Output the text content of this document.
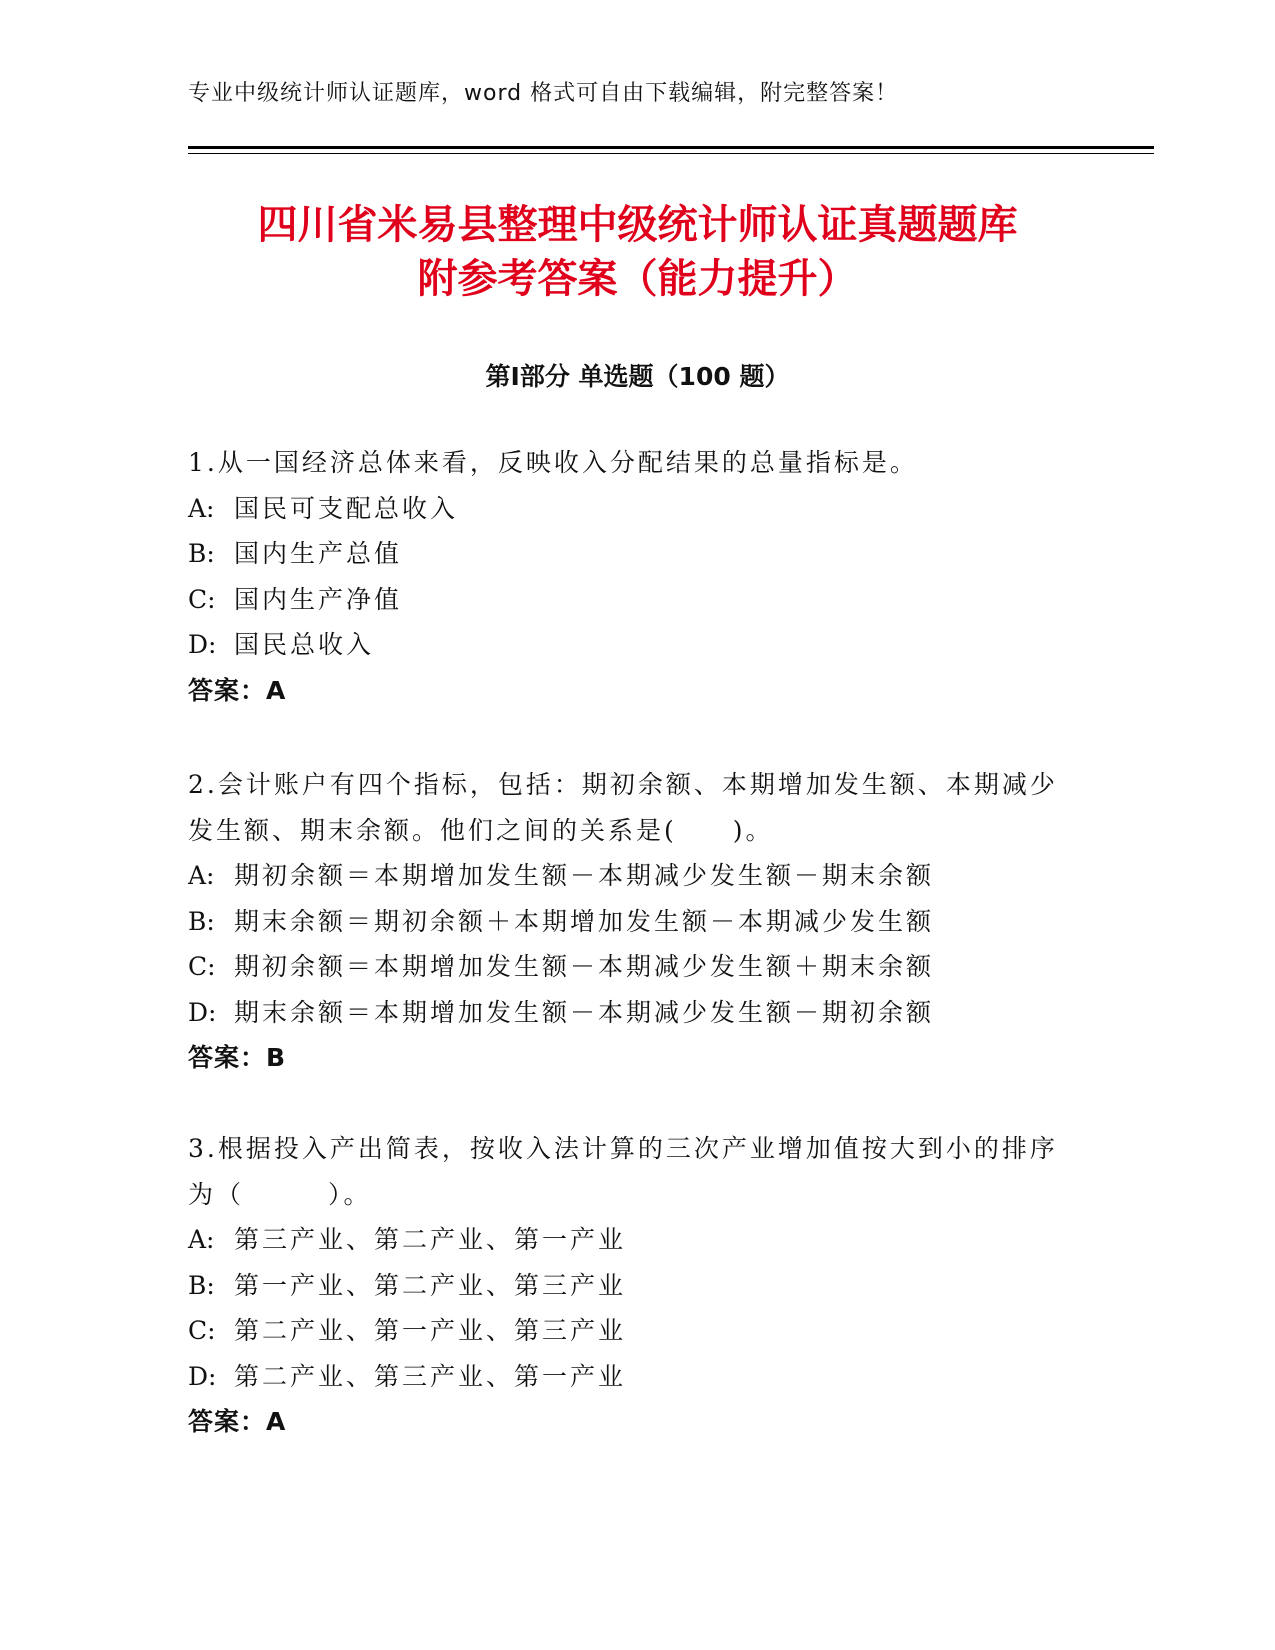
专业中级统计师认证题库，word 格式可自由下载编辑，附完整答案！
四川省米易县整理中级统计师认证真题题库
附参考答案（能力提升）
第Ⅰ部分 单选题（100 题）

1.从一国经济总体来看，反映收入分配结果的总量指标是。

A: 国民可支配总收入

B: 国内生产总值

C: 国内生产净值

D: 国民总收入

答案：A

2.会计账户有四个指标，包括：期初余额、本期增加发生额、本期减少发生额、期末余额。他们之间的关系是(　　)。

A: 期初余额＝本期增加发生额－本期减少发生额－期末余额

B: 期末余额＝期初余额＋本期增加发生额－本期减少发生额

C: 期初余额＝本期增加发生额－本期减少发生额＋期末余额

D: 期末余额＝本期增加发生额－本期减少发生额－期初余额

答案：B

3.根据投入产出简表，按收入法计算的三次产业增加值按大到小的排序为（　　　）。

A: 第三产业、第二产业、第一产业

B: 第一产业、第二产业、第三产业

C: 第二产业、第一产业、第三产业

D: 第二产业、第三产业、第一产业

答案：A
